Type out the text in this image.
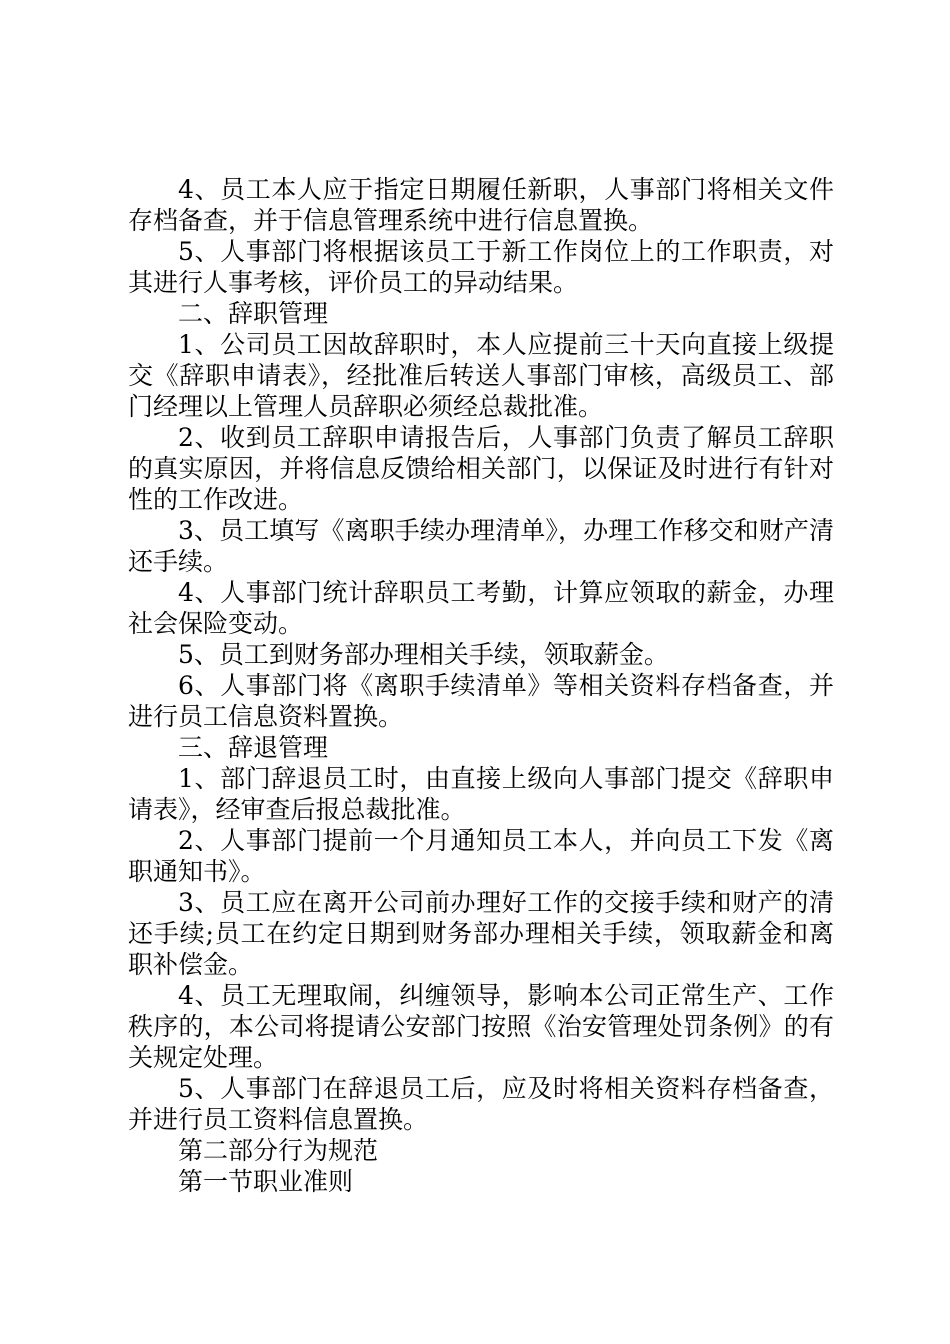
4、员工本人应于指定日期履任新职，人事部门将相关文件存档备查，并于信息管理系统中进行信息置换。

5、人事部门将根据该员工于新工作岗位上的工作职责，对其进行人事考核，评价员工的异动结果。

二、辞职管理

1、公司员工因故辞职时，本人应提前三十天向直接上级提交《辞职申请表》，经批准后转送人事部门审核，高级员工、部门经理以上管理人员辞职必须经总裁批准。

2、收到员工辞职申请报告后，人事部门负责了解员工辞职的真实原因，并将信息反馈给相关部门，以保证及时进行有针对性的工作改进。

3、员工填写《离职手续办理清单》，办理工作移交和财产清还手续。

4、人事部门统计辞职员工考勤，计算应领取的薪金，办理社会保险变动。

5、员工到财务部办理相关手续，领取薪金。

6、人事部门将《离职手续清单》等相关资料存档备查，并进行员工信息资料置换。

三、辞退管理

1、部门辞退员工时，由直接上级向人事部门提交《辞职申请表》，经审查后报总裁批准。

2、人事部门提前一个月通知员工本人，并向员工下发《离职通知书》。

3、员工应在离开公司前办理好工作的交接手续和财产的清还手续;员工在约定日期到财务部办理相关手续，领取薪金和离职补偿金。

4、员工无理取闹，纠缠领导，影响本公司正常生产、工作秩序的，本公司将提请公安部门按照《治安管理处罚条例》的有关规定处理。

5、人事部门在辞退员工后，应及时将相关资料存档备查，并进行员工资料信息置换。

第二部分行为规范

第一节职业准则
